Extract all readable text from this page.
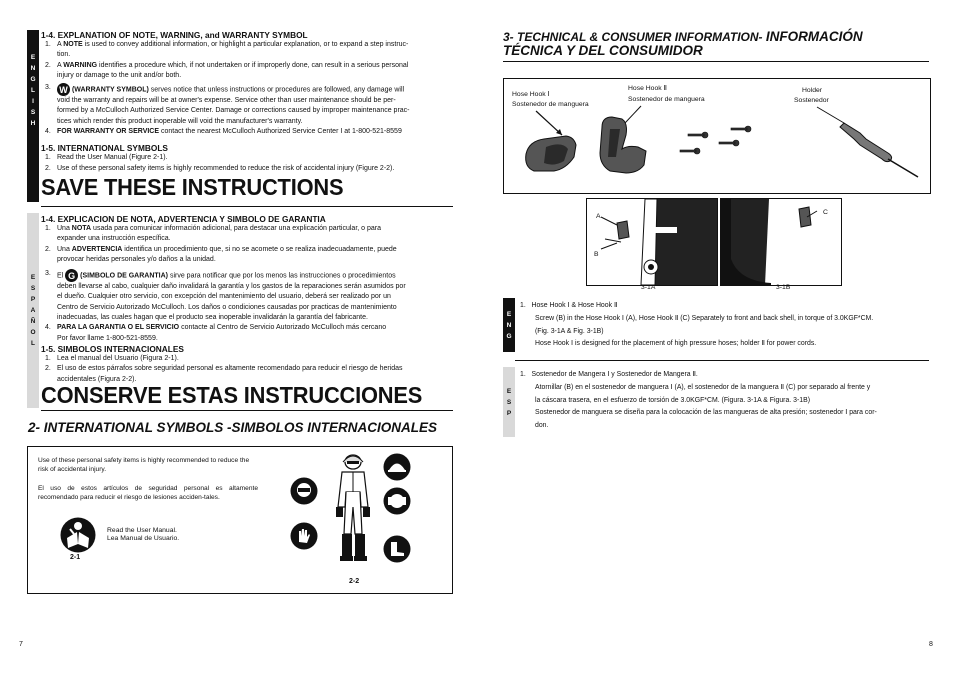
E
N
G
L
I
S
H
1-4. EXPLANATION OF NOTE, WARNING, and WARRANTY SYMBOL
1. A NOTE is used to convey additional information, or highlight a particular explanation, or to expand a step instruc-
tion.
2. A WARNING identifies a procedure which, if not undertaken or if improperly done, can result in a serious personal
injury or damage to the unit and/or both.
3. W (WARRANTY SYMBOL) serves notice that unless instructions or procedures are followed, any damage will
void the warranty and repairs will be at owner's expense. Service other than user maintenance should be per-
formed by a McCulloch Authorized Service Center. Damage or corrections caused by improper maintenance prac-
tices which render this product inoperable will void the manufacturer's warranty.
4. FOR WARRANTY OR SERVICE contact the nearest McCulloch Authorized Service Center I at 1-800-521-8559
1-5. INTERNATIONAL SYMBOLS
1. Read the User Manual (Figure 2-1).
2. Use of these personal safety items is highly recommended to reduce the risk of accidental injury (Figure 2-2).
SAVE THESE INSTRUCTIONS
E
S
P
A
Ñ
O
L
1-4. EXPLICACION DE NOTA, ADVERTENCIA Y SIMBOLO DE GARANTIA
1. Una NOTA usada para comunicar información adicional, para destacar una explicación particular, o para
expander una instrucción específica.
2. Una ADVERTENCIA identifica un procedimiento que, si no se acomete o se realiza inadecuadamente, puede
provocar heridas personales y/o daños a la unidad.
3. El G (SIMBOLO DE GARANTIA) sirve para notificar que por los menos las instrucciones o procedimientos
deben llevarse al cabo, cualquier daño invalidará la garantía y los gastos de la reparaciones serán asumidos por
el dueño. Cualquier otro servicio, con excepción del mantenimiento del usuario, deberá ser realizado por un
Centro de Servicio Autorizado McCulloch. Los daños o condiciones causadas por practicas de mantenimiento
inadecuadas, las cuales hagan que el producto sea inoperable invalidarán la garantía del fabricante.
4. PARA LA GARANTIA O EL SERVICIO contacte al Centro de Servicio Autorizado McCulloch más cercano
Por favor llame 1-800-521-8559.
1-5. SIMBOLOS INTERNACIONALES
1. Lea el manual del Usuario (Figura 2-1).
2. El uso de estos párrafos sobre seguridad personal es altamente recomendado para reducir el riesgo de heridas
accidentales (Figura 2-2).
CONSERVE ESTAS INSTRUCCIONES
2- INTERNATIONAL SYMBOLS -SIMBOLOS INTERNACIONALES
Use of these personal safety items is highly recommended to reduce the risk of accidental injury.
El uso de estos artículos de seguridad personal es altamente recomendado para reducir el riesgo de lesiones acciden-tales.
Read the User Manual.
Lea Manual de Usuario.
2-1
2-2
7
3- TECHNICAL & CONSUMER INFORMATION- INFORMACIÓN
TÉCNICA Y DEL CONSUMIDOR
Hose Hook Ⅰ
Sostenedor de manguera
Hose Hook Ⅱ
Sostenedor de manguera
Holder
Sostenedor
A
B
3-1A
C
3-1B
E
N
G
1. Hose Hook Ⅰ & Hose Hook Ⅱ
Screw (B) in the Hose Hook Ⅰ (A), Hose Hook Ⅱ (C) Separately to front and back shell, in torque of 3.0KGF*CM.
(Fig. 3-1A & Fig. 3-1B)
Hose Hook Ⅰ is designed for the placement of high pressure hoses; holder Ⅱ for power cords.
E
S
P
1. Sostenedor de Mangera Ⅰ y Sostenedor de Mangera Ⅱ.
Atornillar (B) en el sostenedor de manguera Ⅰ (A), el sostenedor de la manguera Ⅱ (C) por separado al frente y
la cáscara trasera, en el esfuerzo de torsión de 3.0KGF*CM. (Figura. 3-1A & Figura. 3-1B)
Sostenedor de manguera se diseña para la colocación de las mangueras de alta presión; sostenedor Ⅰ para cor-
don.
8
